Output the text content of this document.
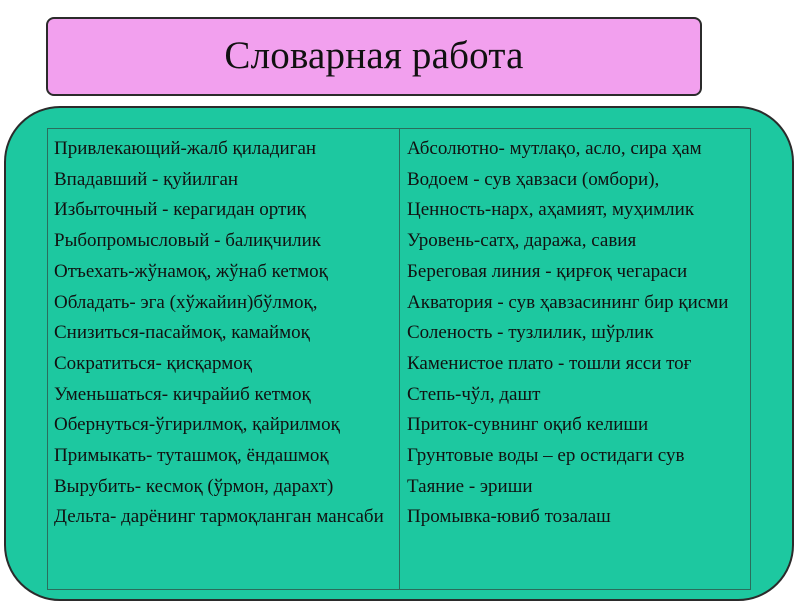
Словарная работа
Привлекающий-жалб қиладиган
Впадавший - қуйилган
Избыточный - керагидан ортиқ
Рыбопромысловый - балиқчилик
Отъехать-жўнамоқ, жўнаб кетмоқ
Обладать- эга (хўжайин)бўлмоқ,
Снизиться-пасаймоқ, камаймоқ
Сократиться- қисқармоқ
Уменьшаться- кичрайиб кетмоқ
Обернуться-ўгирилмоқ, қайрилмоқ
Примыкать- туташмоқ, ёндашмоқ
Вырубить- кесмоқ (ўрмон, дарахт)
Дельта- дарёнинг тармоқланган мансаби
Абсолютно- мутлақо, асло, сира ҳам
Водоем - сув ҳавзаси (омбори),
Ценность-нарх, аҳамият, муҳимлик
Уровень-сатҳ, даража, савия
Береговая линия - қирғоқ чегараси
Акватория - сув ҳавзасининг бир қисми
Соленость - тузлилик, шўрлик
Каменистое плато - тошли ясси тоғ
Степь-чўл, дашт
Приток-сувнинг оқиб келиши
Грунтовые воды – ер остидаги сув
Таяние - эриши
Промывка-ювиб тозалаш
